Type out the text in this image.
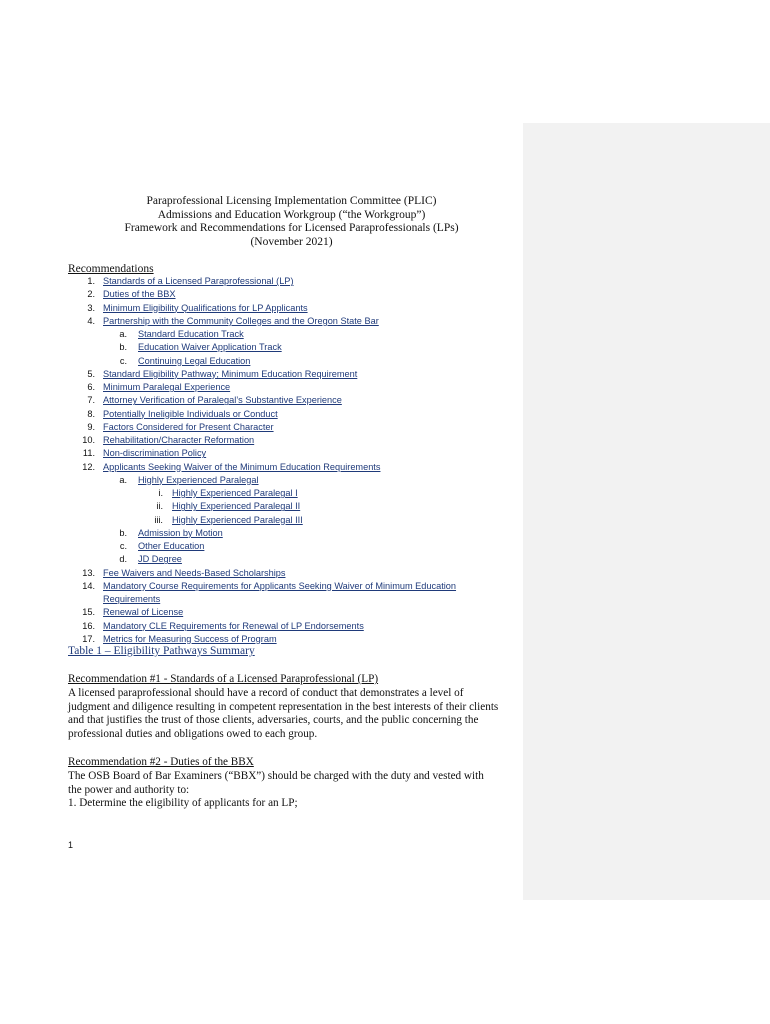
Paraprofessional Licensing Implementation Committee (PLIC)
Admissions and Education Workgroup (“the Workgroup”)
Framework and Recommendations for Licensed Paraprofessionals (LPs)
(November 2021)
Recommendations
1. Standards of a Licensed Paraprofessional (LP)
2. Duties of the BBX
3. Minimum Eligibility Qualifications for LP Applicants
4. Partnership with the Community Colleges and the Oregon State Bar
a. Standard Education Track
b. Education Waiver Application Track
c. Continuing Legal Education
5. Standard Eligibility Pathway; Minimum Education Requirement
6. Minimum Paralegal Experience
7. Attorney Verification of Paralegal’s Substantive Experience
8. Potentially Ineligible Individuals or Conduct
9. Factors Considered for Present Character
10. Rehabilitation/Character Reformation
11. Non-discrimination Policy
12. Applicants Seeking Waiver of the Minimum Education Requirements
a. Highly Experienced Paralegal
i. Highly Experienced Paralegal I
ii. Highly Experienced Paralegal II
iii. Highly Experienced Paralegal III
b. Admission by Motion
c. Other Education
d. JD Degree
13. Fee Waivers and Needs-Based Scholarships
14. Mandatory Course Requirements for Applicants Seeking Waiver of Minimum Education
Requirements
15. Renewal of License
16. Mandatory CLE Requirements for Renewal of LP Endorsements
17. Metrics for Measuring Success of Program
Table 1 – Eligibility Pathways Summary
Recommendation #1 - Standards of a Licensed Paraprofessional (LP)
A licensed paraprofessional should have a record of conduct that demonstrates a level of
judgment and diligence resulting in competent representation in the best interests of their clients
and that justifies the trust of those clients, adversaries, courts, and the public concerning the
professional duties and obligations owed to each group.
Recommendation #2 - Duties of the BBX
The OSB Board of Bar Examiners (“BBX”) should be charged with the duty and vested with
the power and authority to:
1. Determine the eligibility of applicants for an LP;
1
